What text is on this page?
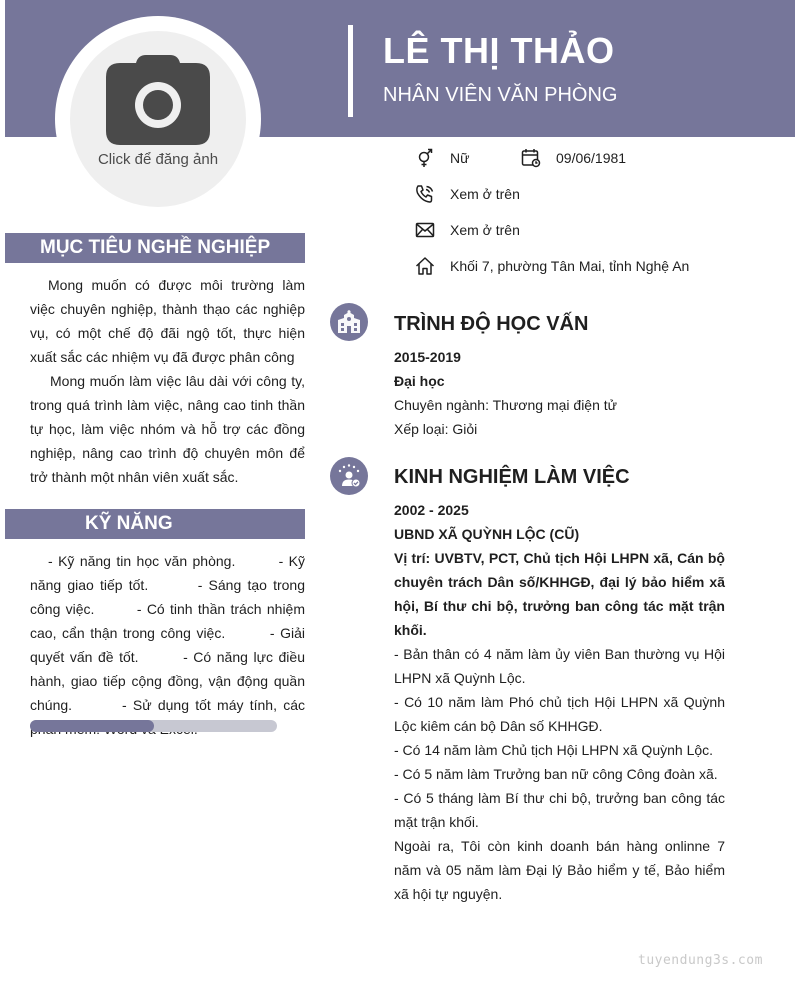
LÊ THỊ THẢO
NHÂN VIÊN VĂN PHÒNG
Click để đăng ảnh	Nữ	09/06/1981
Xem ở trên
Xem ở trên
Khối 7, phường Tân Mai, tỉnh Nghệ An
MỤC TIÊU NGHỀ NGHIỆP

Mong muốn có được môi trường làm việc chuyên nghiệp, thành thạo các nghiệp vụ, có một chế độ đãi ngộ tốt, thực hiện xuất sắc các nhiệm vụ đã được phân công

Mong muốn làm việc lâu dài với công ty, trong quá trình làm việc, nâng cao tinh thần tự học, làm việc nhóm và hỗ trợ các đồng nghiệp, nâng cao trình độ chuyên môn để trở thành một nhân viên xuất sắc.

KỸ NĂNG
- Kỹ năng tin học văn phòng.        - Kỹ năng giao tiếp tốt.        - Sáng tạo trong công việc.        - Có tinh thần trách nhiệm cao, cẩn thận trong công việc.        - Giải quyết vấn đề tốt.        - Có năng lực điều hành, giao tiếp cộng đồng, vận động quần chúng.        - Sử dụng tốt máy tính, các
TRÌNH ĐỘ HỌC VẤN

2015-2019

Đại học

Chuyên ngành: Thương mại điện tử

Xếp loại: Giỏi

KINH NGHIỆM LÀM VIỆC

2002 - 2025

UBND XÃ QUỲNH LỘC (CŨ)

Vị trí: UVBTV, PCT, Chủ tịch Hội LHPN xã, Cán bộ chuyên trách Dân số/KHHGĐ, đại lý bảo hiểm xã hội, Bí thư chi bộ, trưởng ban công tác mặt trận khối.

- Bản thân có 4 năm làm ủy viên Ban thường vụ Hội LHPN xã Quỳnh Lộc.

- Có 10 năm làm Phó chủ tịch Hội LHPN xã Quỳnh Lộc kiêm cán bộ Dân số KHHGĐ.

- Có 14 năm làm Chủ tịch Hội LHPN xã Quỳnh Lộc.

- Có 5 năm làm Trưởng ban nữ công Công đoàn xã.

- Có 5 tháng làm Bí thư chi bộ, trưởng ban công tác mặt trận khối.

Ngoài ra, Tôi còn kinh doanh bán hàng onlinne 7 năm và 05 năm làm Đại lý Bảo hiểm y tế, Bảo hiểm xã hội tự nguyện.

tuyendung3s.com
